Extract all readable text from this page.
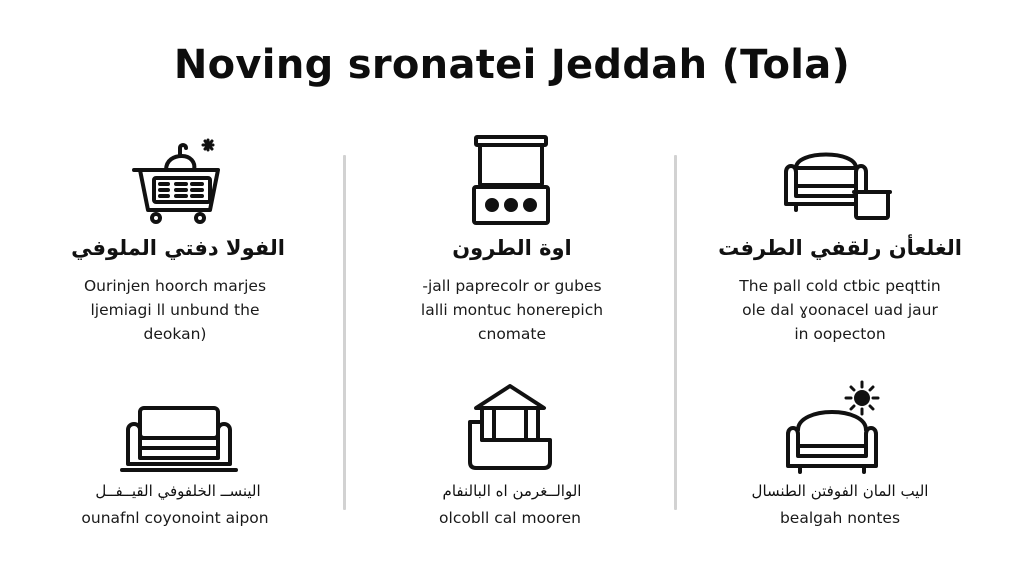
Noving sronatei Jeddah (Tola)
الفولا دفتي الملوفي
Ourinjen hoorch marjes
ljemiagi ll unbund the
deokan)
اوة الطرون
-jall paprecolr or gubes
lalli montuc honerepich
cnomate
الغلعأن رلقفي الطرفت
The pall cold ctbic peqttin
ole dal ɣoonacel uad jaur
in oopecton
الينســ الخلفوفي القيــفــل
ounafnl coyonoint aipon
الوالــغرمن اه البالنفام
olcobll cal mooren
اليب المان الفوفتن الطنسال
bealgah nontes
